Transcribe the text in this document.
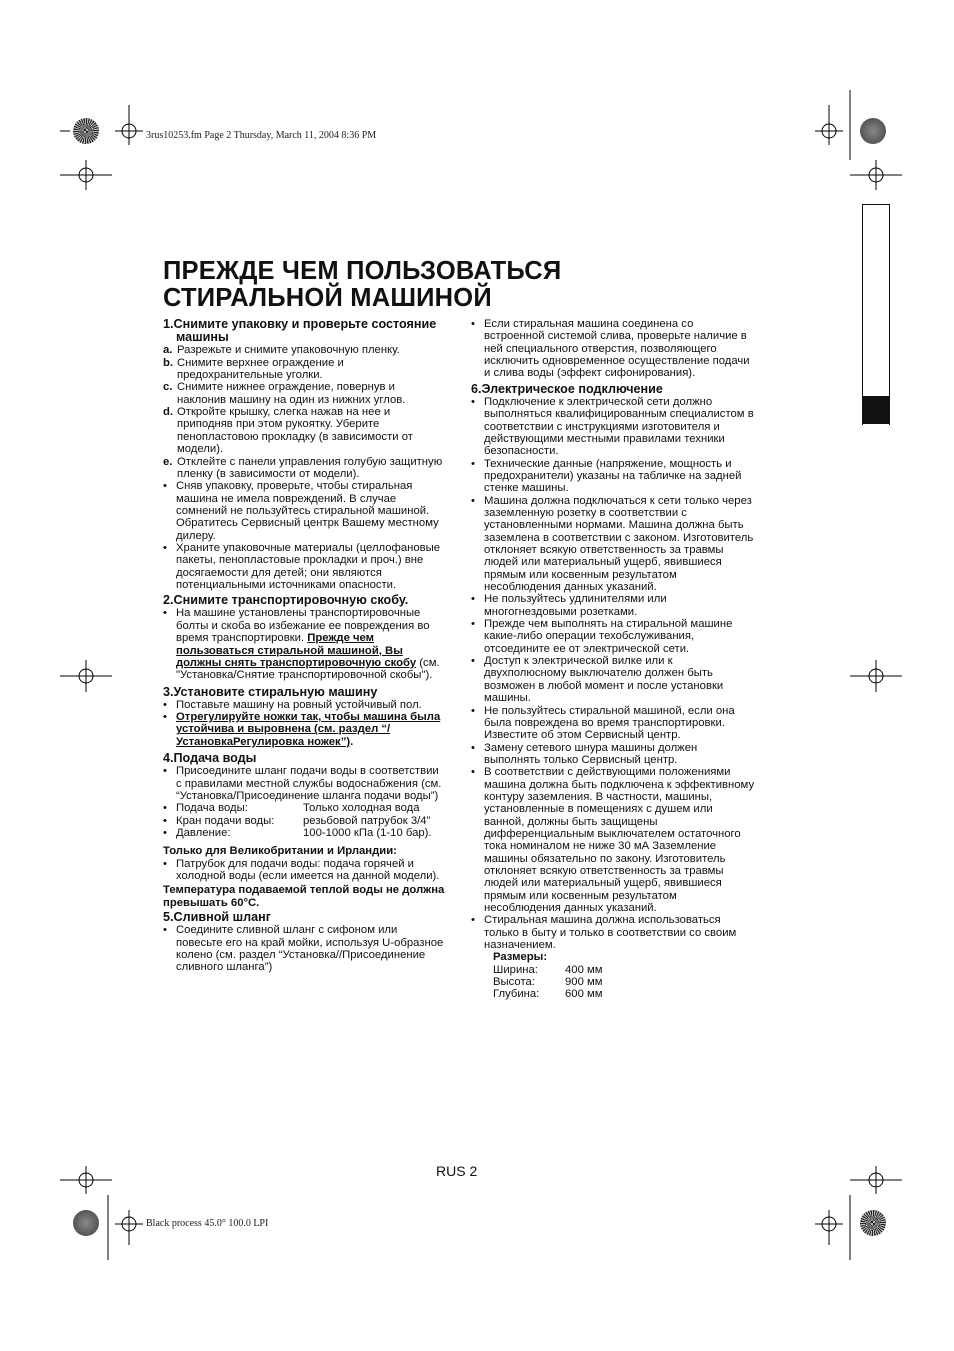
3rus10253.fm Page 2 Thursday, March 11, 2004 8:36 PM
Black process 45.0° 100.0 LPI
ПРЕЖДЕ ЧЕМ ПОЛЬЗОВАТЬСЯ
СТИРАЛЬНОЙ МАШИНОЙ

1.Снимите упаковку и проверьте состояние машины

a. Разрежьте и снимите упаковочную пленку.
b. Снимите верхнее ограждение и предохранительные уголки.
c. Снимите нижнее ограждение, повернув и наклонив машину на один из нижних углов.
d. Откройте крышку, слегка нажав на нее и приподняв при этом рукоятку. Уберите пенопластовою прокладку (в зависимости от модели).
e. Отклейте с панели управления голубую защитную пленку (в зависимости от модели).
• Сняв упаковку, проверьте, чтобы стиральная машина не имела повреждений. В случае сомнений не пользуйтесь стиральной машиной. Обратитесь Сервисный центрк Вашему местному дилеру.
• Храните упаковочные материалы (целлофановые пакеты, пенопластовые прокладки и проч.) вне досягаемости для детей; они являются потенциальными источниками опасности.

2.Снимите транспортировочную скобу.

• На машине установлены транспортировочные болты и скоба во избежание ее повреждения во время транспортировки. Прежде чем пользоваться стиральной машиной, Вы должны снять транспортировочную скобу (см. "Установка/Снятие транспортировочной скобы").

3.Установите стиральную машину

• Поставьте машину на ровный устойчивый пол.
• Отрегулируйте ножки так, чтобы машина была устойчива и выровнена (см. раздел “/УстановкаРегулировка ножек”).

4.Подача воды

• Присоедините шланг подачи воды в соответствии с правилами местной службы водоснабжения (см. “Установка/Присоединение шланга подачи воды”)
• Подача воды:	Только холодная вода
• Кран подачи воды:	резьбовой патрубок 3/4”
• Давление:	100-1000 кПа (1-10 бар).

Только для Великобритании и Ирландии:

• Патрубок для подачи воды: подача горячей и холодной воды (если имеется на данной модели).

Температура подаваемой теплой воды не должна превышать 60°C.

5.Сливной шланг

• Соедините сливной шланг с сифоном или повесьте его на край мойки, используя U-образное колено (см. раздел “Установка//Присоединение сливного шланга”)
• Если стиральная машина соединена со встроенной системой слива, проверьте наличие в ней специального отверстия, позволяющего исключить одновременное осуществление подачи и слива воды (эффект сифонирования).

6.Электрическое подключение

• Подключение к электрической сети должно выполняться квалифицированным специалистом в соответствии с инструкциями изготовителя и действующими местными правилами техники безопасности.
• Технические данные (напряжение, мощность и предохранители) указаны на табличке на задней стенке машины.
• Машина должна подключаться к сети только через заземленную розетку в соответствии с установленными нормами. Машина должна быть заземлена в соответствии с законом. Изготовитель отклоняет всякую ответственность за травмы людей или материальный ущерб, явившиеся прямым или косвенным результатом несоблюдения данных указаний.
• Не пользуйтесь удлинителями или многогнездовыми розетками.
• Прежде чем выполнять на стиральной машине какие-либо операции техобслуживания, отсоедините ее от электрической сети.
• Доступ к электрической вилке или к двухполюсному выключателю должен быть возможен в любой момент и после установки машины.
• Не пользуйтесь стиральной машиной, если она была повреждена во время транспортировки. Известите об этом Сервисный центр.
• Замену сетевого шнура машины должен выполнять только Сервисный центр.
• В соответствии с действующими положениями машина должна быть подключена к эффективному контуру заземления. В частности, машины, установленные в помещениях с душем или ванной, должны быть защищены дифференциальным выключателем остаточного тока номиналом не ниже 30 мА Заземление машины обязательно по закону. Изготовитель отклоняет всякую ответственность за травмы людей или материальный ущерб, явившиеся прямым или косвенным результатом несоблюдения данных указаний.
• Стиральная машина должна использоваться только в быту и только в соответствии со своим назначением.

Размеры:

Ширина:	400 мм
Высота:	900 мм
Глубина:	600 мм
RUS 2
